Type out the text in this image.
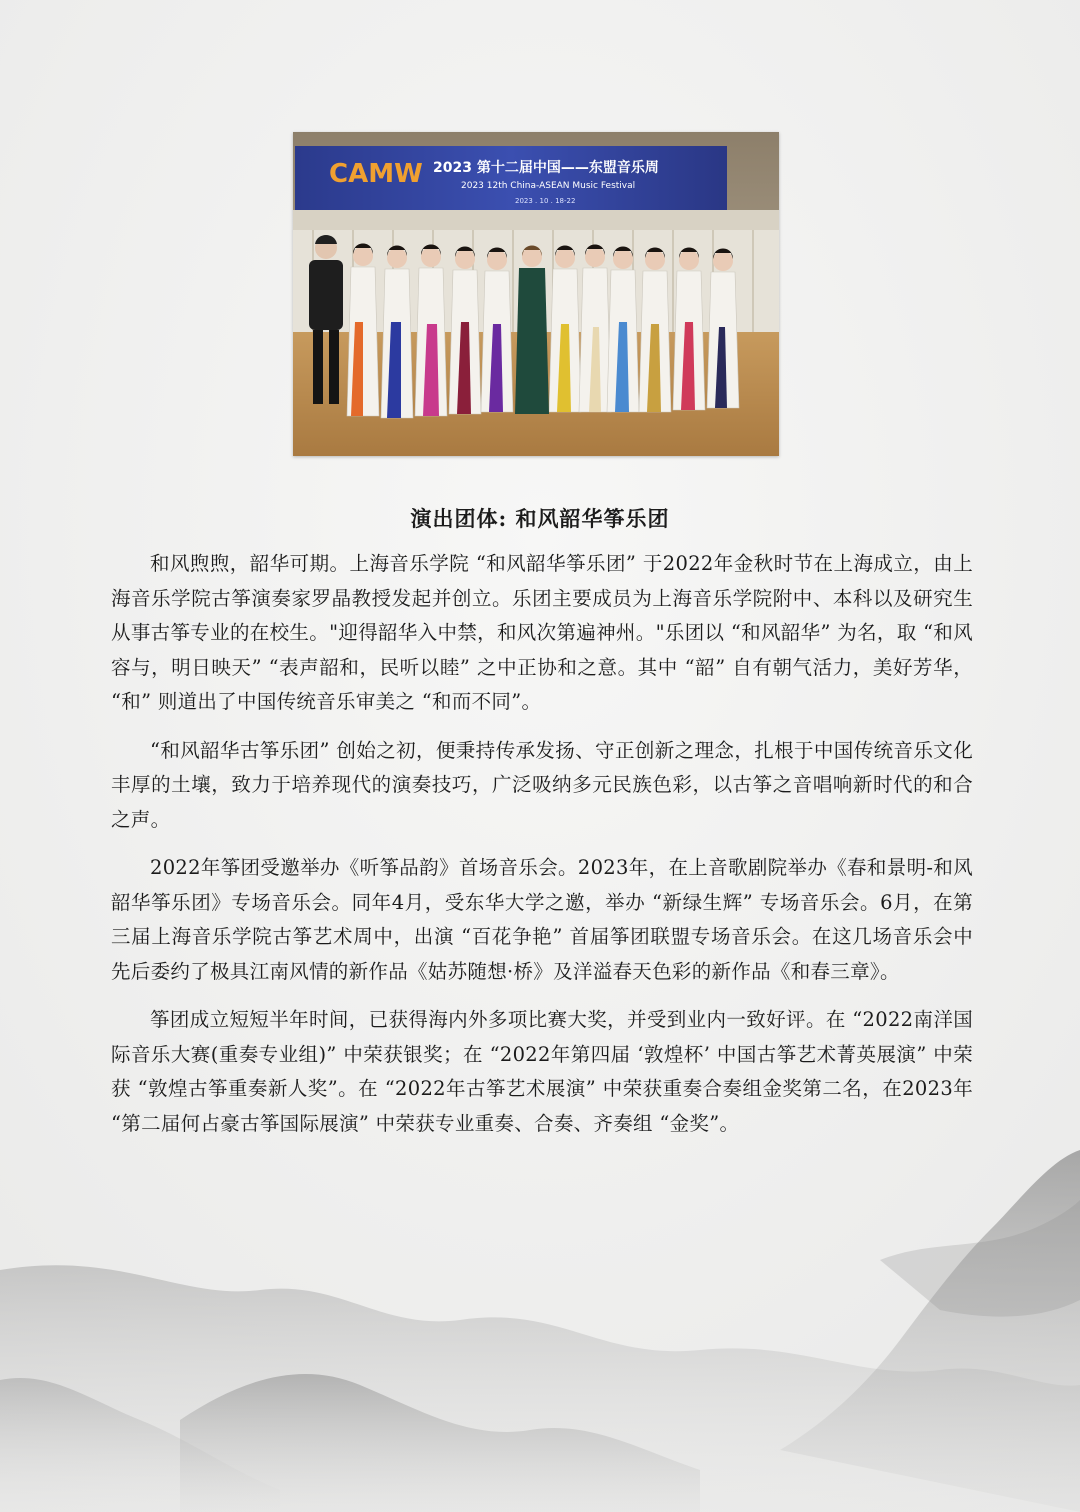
CAMW 2023 第十二届中国——东盟音乐周
2023 12th China-ASEAN Music Festival
2023 . 10 . 18-22
演出团体: 和风韶华筝乐团

和风煦煦，韶华可期。上海音乐学院 “和风韶华筝乐团” 于2022年金秋时节在上海成立，由上海音乐学院古筝演奏家罗晶教授发起并创立。乐团主要成员为上海音乐学院附中、本科以及研究生从事古筝专业的在校生。"迎得韶华入中禁，和风次第遍神州。"乐团以 “和风韶华” 为名，取 “和风容与，明日映天” “表声韶和，民听以睦” 之中正协和之意。其中 “韶” 自有朝气活力，美好芳华， “和” 则道出了中国传统音乐审美之 “和而不同”。

“和风韶华古筝乐团” 创始之初，便秉持传承发扬、守正创新之理念，扎根于中国传统音乐文化丰厚的土壤，致力于培养现代的演奏技巧，广泛吸纳多元民族色彩，以古筝之音唱响新时代的和合之声。

2022年筝团受邀举办《听筝品韵》首场音乐会。2023年，在上音歌剧院举办《春和景明-和风韶华筝乐团》专场音乐会。同年4月，受东华大学之邀，举办 “新绿生辉” 专场音乐会。6月，在第三届上海音乐学院古筝艺术周中，出演 “百花争艳” 首届筝团联盟专场音乐会。在这几场音乐会中先后委约了极具江南风情的新作品《姑苏随想·桥》及洋溢春天色彩的新作品《和春三章》。

筝团成立短短半年时间，已获得海内外多项比赛大奖，并受到业内一致好评。在 “2022南洋国际音乐大赛(重奏专业组)” 中荣获银奖；在 “2022年第四届 ‘敦煌杯’ 中国古筝艺术菁英展演” 中荣获 “敦煌古筝重奏新人奖”。在 “2022年古筝艺术展演” 中荣获重奏合奏组金奖第二名，在2023年 “第二届何占豪古筝国际展演” 中荣获专业重奏、合奏、齐奏组 “金奖”。
